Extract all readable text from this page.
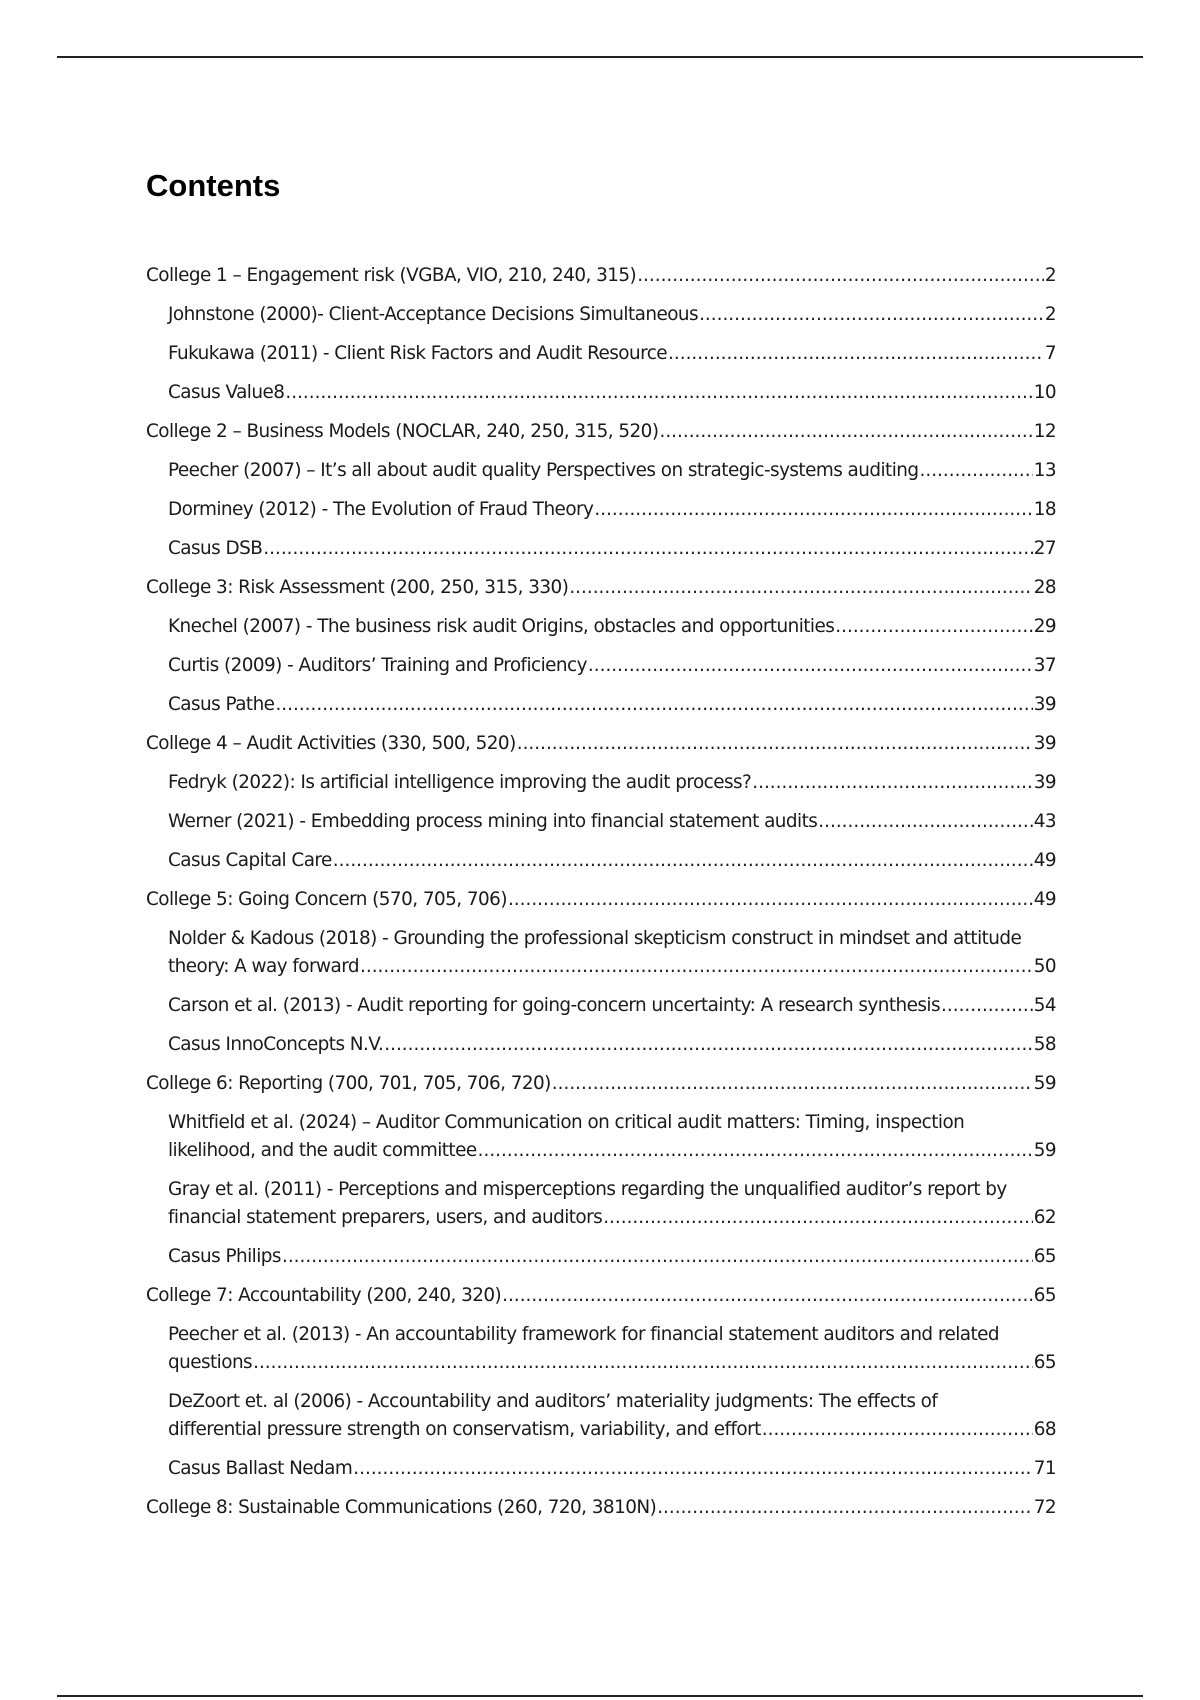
Contents
College 1 – Engagement risk (VGBA, VIO, 210, 240, 315) .....	2
Johnstone (2000)- Client-Acceptance Decisions Simultaneous .....	2
Fukukawa (2011) - Client Risk Factors and Audit Resource .....	7
Casus Value8 .....	10
College 2 – Business Models (NOCLAR, 240, 250, 315, 520) .....	12
Peecher (2007) – It’s all about audit quality Perspectives on strategic-systems auditing .....	13
Dorminey (2012) - The Evolution of Fraud Theory .....	18
Casus DSB .....	27
College 3: Risk Assessment (200, 250, 315, 330) .....	28
Knechel (2007) - The business risk audit Origins, obstacles and opportunities .....	29
Curtis (2009) - Auditors’ Training and Proficiency .....	37
Casus Pathe .....	39
College 4 – Audit Activities (330, 500, 520) .....	39
Fedryk (2022): Is artificial intelligence improving the audit process? .....	39
Werner (2021) - Embedding process mining into financial statement audits .....	43
Casus Capital Care .....	49
College 5: Going Concern (570, 705, 706) .....	49
Nolder & Kadous (2018) - Grounding the professional skepticism construct in mindset and attitude
theory: A way forward .....	50
Carson et al. (2013) - Audit reporting for going-concern uncertainty: A research synthesis .....	54
Casus InnoConcepts N.V. .....	58
College 6: Reporting (700, 701, 705, 706, 720) .....	59
Whitfield et al. (2024) – Auditor Communication on critical audit matters: Timing, inspection
likelihood, and the audit committee .....	59
Gray et al. (2011) - Perceptions and misperceptions regarding the unqualified auditor’s report by
financial statement preparers, users, and auditors .....	62
Casus Philips .....	65
College 7: Accountability (200, 240, 320) .....	65
Peecher et al. (2013) - An accountability framework for financial statement auditors and related
questions .....	65
DeZoort et. al (2006) - Accountability and auditors’ materiality judgments: The effects of
differential pressure strength on conservatism, variability, and effort .....	68
Casus Ballast Nedam .....	71
College 8: Sustainable Communications (260, 720, 3810N) .....	72
